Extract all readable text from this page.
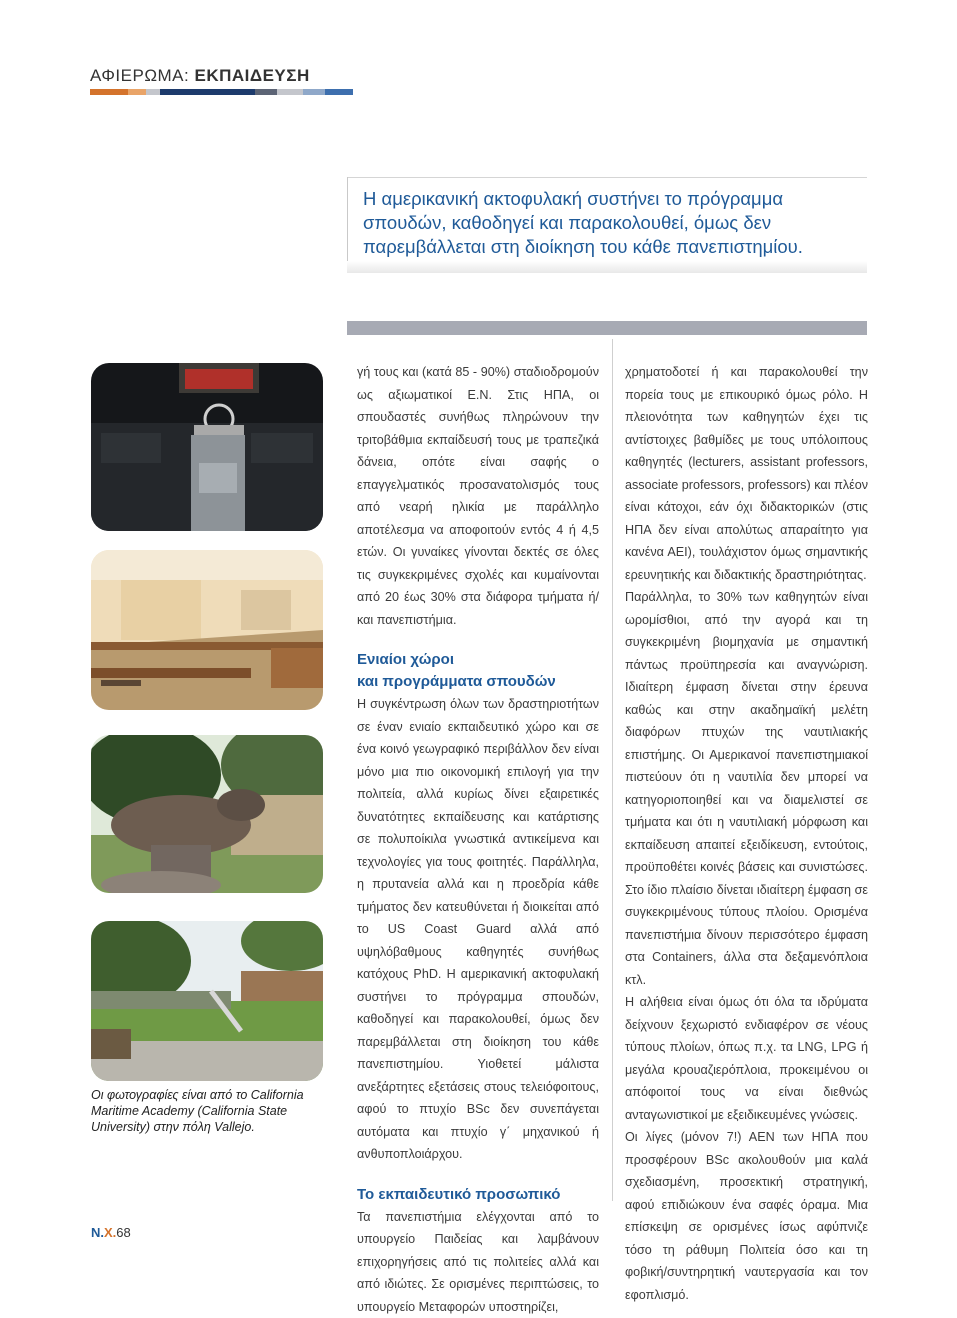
ΑΦΙΕΡΩΜΑ: ΕΚΠΑΙΔΕΥΣΗ

Η αμερικανική ακτοφυλακή συστήνει το πρόγραμμα σπουδών, καθοδηγεί και παρακολουθεί, όμως δεν παρεμβάλλεται στη διοίκηση του κάθε πανεπιστημίου.

Οι φωτογραφίες είναι από το California Maritime Academy (California State University) στην πόλη Vallejo.

γή τους και (κατά 85 - 90%) σταδιοδρομούν ως αξιωματικοί Ε.Ν. Στις ΗΠΑ, οι σπουδαστές συνήθως πληρώνουν την τριτοβάθμια εκπαίδευσή τους με τραπεζικά δάνεια, οπότε είναι σαφής ο επαγγελματικός προσανατολισμός τους από νεαρή ηλικία με παράλληλο αποτέλεσμα να αποφοιτούν εντός 4 ή 4,5 ετών. Οι γυναίκες γίνονται δεκτές σε όλες τις συγκεκριμένες σχολές και κυμαίνονται από 20 έως 30% στα διάφορα τμήματα ή/και πανεπιστήμια.

Ενιαίοι χώροι
και προγράμματα σπουδών

Η συγκέντρωση όλων των δραστηριοτήτων σε έναν ενιαίο εκπαιδευτικό χώρο και σε ένα κοινό γεωγραφικό περιβάλλον δεν είναι μόνο μια πιο οικονομική επιλογή για την πολιτεία, αλλά κυρίως δίνει εξαιρετικές δυνατότητες εκπαίδευσης και κατάρτισης σε πολυποίκιλα γνωστικά αντικείμενα και τεχνολογίες για τους φοιτητές. Παράλληλα, η πρυτανεία αλλά και η προεδρία κάθε τμήματος δεν κατευθύνεται ή διοικείται από το US Coast Guard αλλά από υψηλόβαθμους καθηγητές συνήθως κατόχους PhD. Η αμερικανική ακτοφυλακή συστήνει το πρόγραμμα σπουδών, καθοδηγεί και παρακολουθεί, όμως δεν παρεμβάλλεται στη διοίκηση του κάθε πανεπιστημίου. Υιοθετεί μάλιστα ανεξάρτητες εξετάσεις στους τελειόφοιτους, αφού το πτυχίο BSc δεν συνεπάγεται αυτόματα και πτυχίο γ΄ μηχανικού ή ανθυποπλοιάρχου.

Το εκπαιδευτικό προσωπικό

Τα πανεπιστήμια ελέγχονται από το υπουργείο Παιδείας και λαμβάνουν επιχορηγήσεις από τις πολιτείες αλλά και από ιδιώτες. Σε ορισμένες περιπτώσεις, το υπουργείο Μεταφορών υποστηρίζει,

χρηματοδοτεί ή και παρακολουθεί την πορεία τους με επικουρικό όμως ρόλο. Η πλειονότητα των καθηγητών έχει τις αντίστοιχες βαθμίδες με τους υπόλοιπους καθηγητές (lecturers, assistant professors, associate professors, professors) και πλέον είναι κάτοχοι, εάν όχι διδακτορικών (στις ΗΠΑ δεν είναι απολύτως απαραίτητο για κανένα ΑΕΙ), τουλάχιστον όμως σημαντικής ερευνητικής και διδακτικής δραστηριότητας.

Παράλληλα, το 30% των καθηγητών είναι ωρομίσθιοι, από την αγορά και τη συγκεκριμένη βιομηχανία με σημαντική πάντως προϋπηρεσία και αναγνώριση. Ιδιαίτερη έμφαση δίνεται στην έρευνα καθώς και στην ακαδημαϊκή μελέτη διαφόρων πτυχών της ναυτιλιακής επιστήμης. Οι Αμερικανοί πανεπιστημιακοί πιστεύουν ότι η ναυτιλία δεν μπορεί να κατηγοριοποιηθεί και να διαμελιστεί σε τμήματα και ότι η ναυτιλιακή μόρφωση και εκπαίδευση απαιτεί εξειδίκευση, εντούτοις, προϋποθέτει κοινές βάσεις και συνιστώσες. Στο ίδιο πλαίσιο δίνεται ιδιαίτερη έμφαση σε συγκεκριμένους τύπους πλοίου. Ορισμένα πανεπιστήμια δίνουν περισσότερο έμφαση στα Containers, άλλα στα δεξαμενόπλοια κτλ.

Η αλήθεια είναι όμως ότι όλα τα ιδρύματα δείχνουν ξεχωριστό ενδιαφέρον σε νέους τύπους πλοίων, όπως π.χ. τα LNG, LPG ή μεγάλα κρουαζιερόπλοια, προκειμένου οι απόφοιτοί τους να είναι διεθνώς ανταγωνιστικοί με εξειδικευμένες γνώσεις.

Οι λίγες (μόνον 7!) ΑΕΝ των ΗΠΑ που προσφέρουν BSc ακολουθούν μια καλά σχεδιασμένη, προσεκτική στρατηγική, αφού επιδιώκουν ένα σαφές όραμα. Μια επίσκεψη σε ορισμένες ίσως αφύπνιζε τόσο τη ράθυμη Πολιτεία όσο και τη φοβική/συντηρητική ναυτεργασία και τον εφοπλισμό.

Ν.Χ.68
